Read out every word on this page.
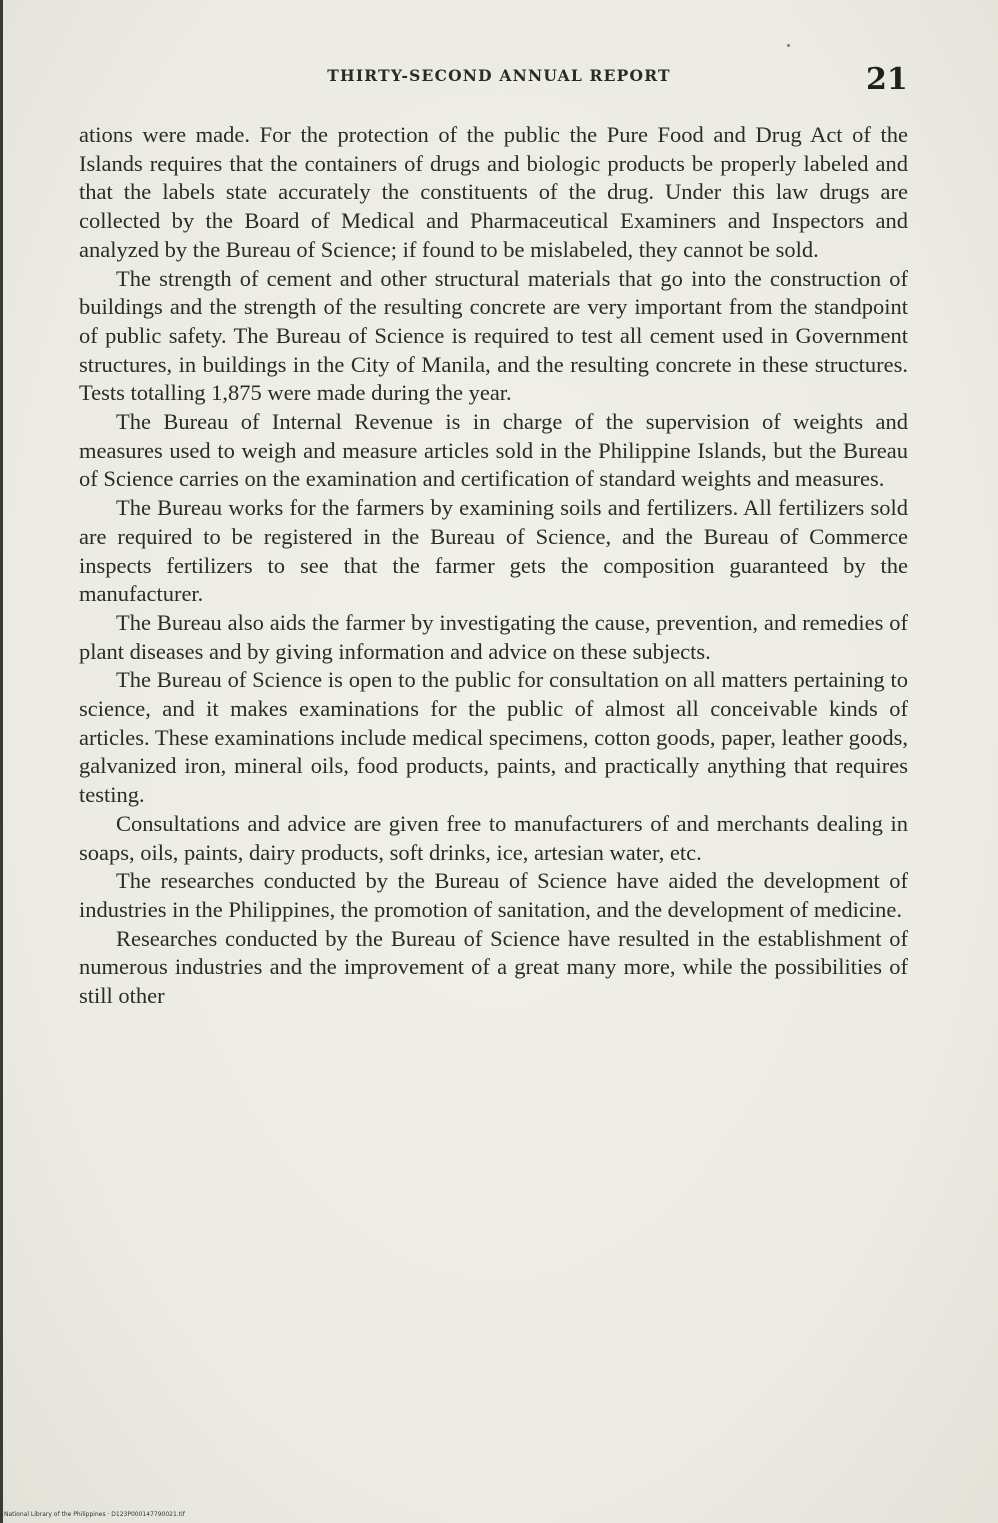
THIRTY-SECOND ANNUAL REPORT	21

ations were made. For the protection of the public the Pure Food and Drug Act of the Islands requires that the containers of drugs and biologic products be properly labeled and that the labels state accurately the constituents of the drug. Under this law drugs are collected by the Board of Medical and Pharmaceutical Examiners and Inspectors and analyzed by the Bureau of Science; if found to be mislabeled, they cannot be sold.

The strength of cement and other structural materials that go into the construction of buildings and the strength of the resulting concrete are very important from the standpoint of public safety. The Bureau of Science is required to test all cement used in Government structures, in buildings in the City of Manila, and the resulting concrete in these structures. Tests totalling 1,875 were made during the year.

The Bureau of Internal Revenue is in charge of the supervision of weights and measures used to weigh and measure articles sold in the Philippine Islands, but the Bureau of Science carries on the examination and certification of standard weights and measures.

The Bureau works for the farmers by examining soils and fertilizers. All fertilizers sold are required to be registered in the Bureau of Science, and the Bureau of Commerce inspects fertilizers to see that the farmer gets the composition guaranteed by the manufacturer.

The Bureau also aids the farmer by investigating the cause, prevention, and remedies of plant diseases and by giving information and advice on these subjects.

The Bureau of Science is open to the public for consultation on all matters pertaining to science, and it makes examinations for the public of almost all conceivable kinds of articles. These examinations include medical specimens, cotton goods, paper, leather goods, galvanized iron, mineral oils, food products, paints, and practically anything that requires testing.

Consultations and advice are given free to manufacturers of and merchants dealing in soaps, oils, paints, dairy products, soft drinks, ice, artesian water, etc.

The researches conducted by the Bureau of Science have aided the development of industries in the Philippines, the promotion of sanitation, and the development of medicine.

Researches conducted by the Bureau of Science have resulted in the establishment of numerous industries and the improvement of a great many more, while the possibilities of still other

National Library of the Philippines · D123P000147790021.tif
